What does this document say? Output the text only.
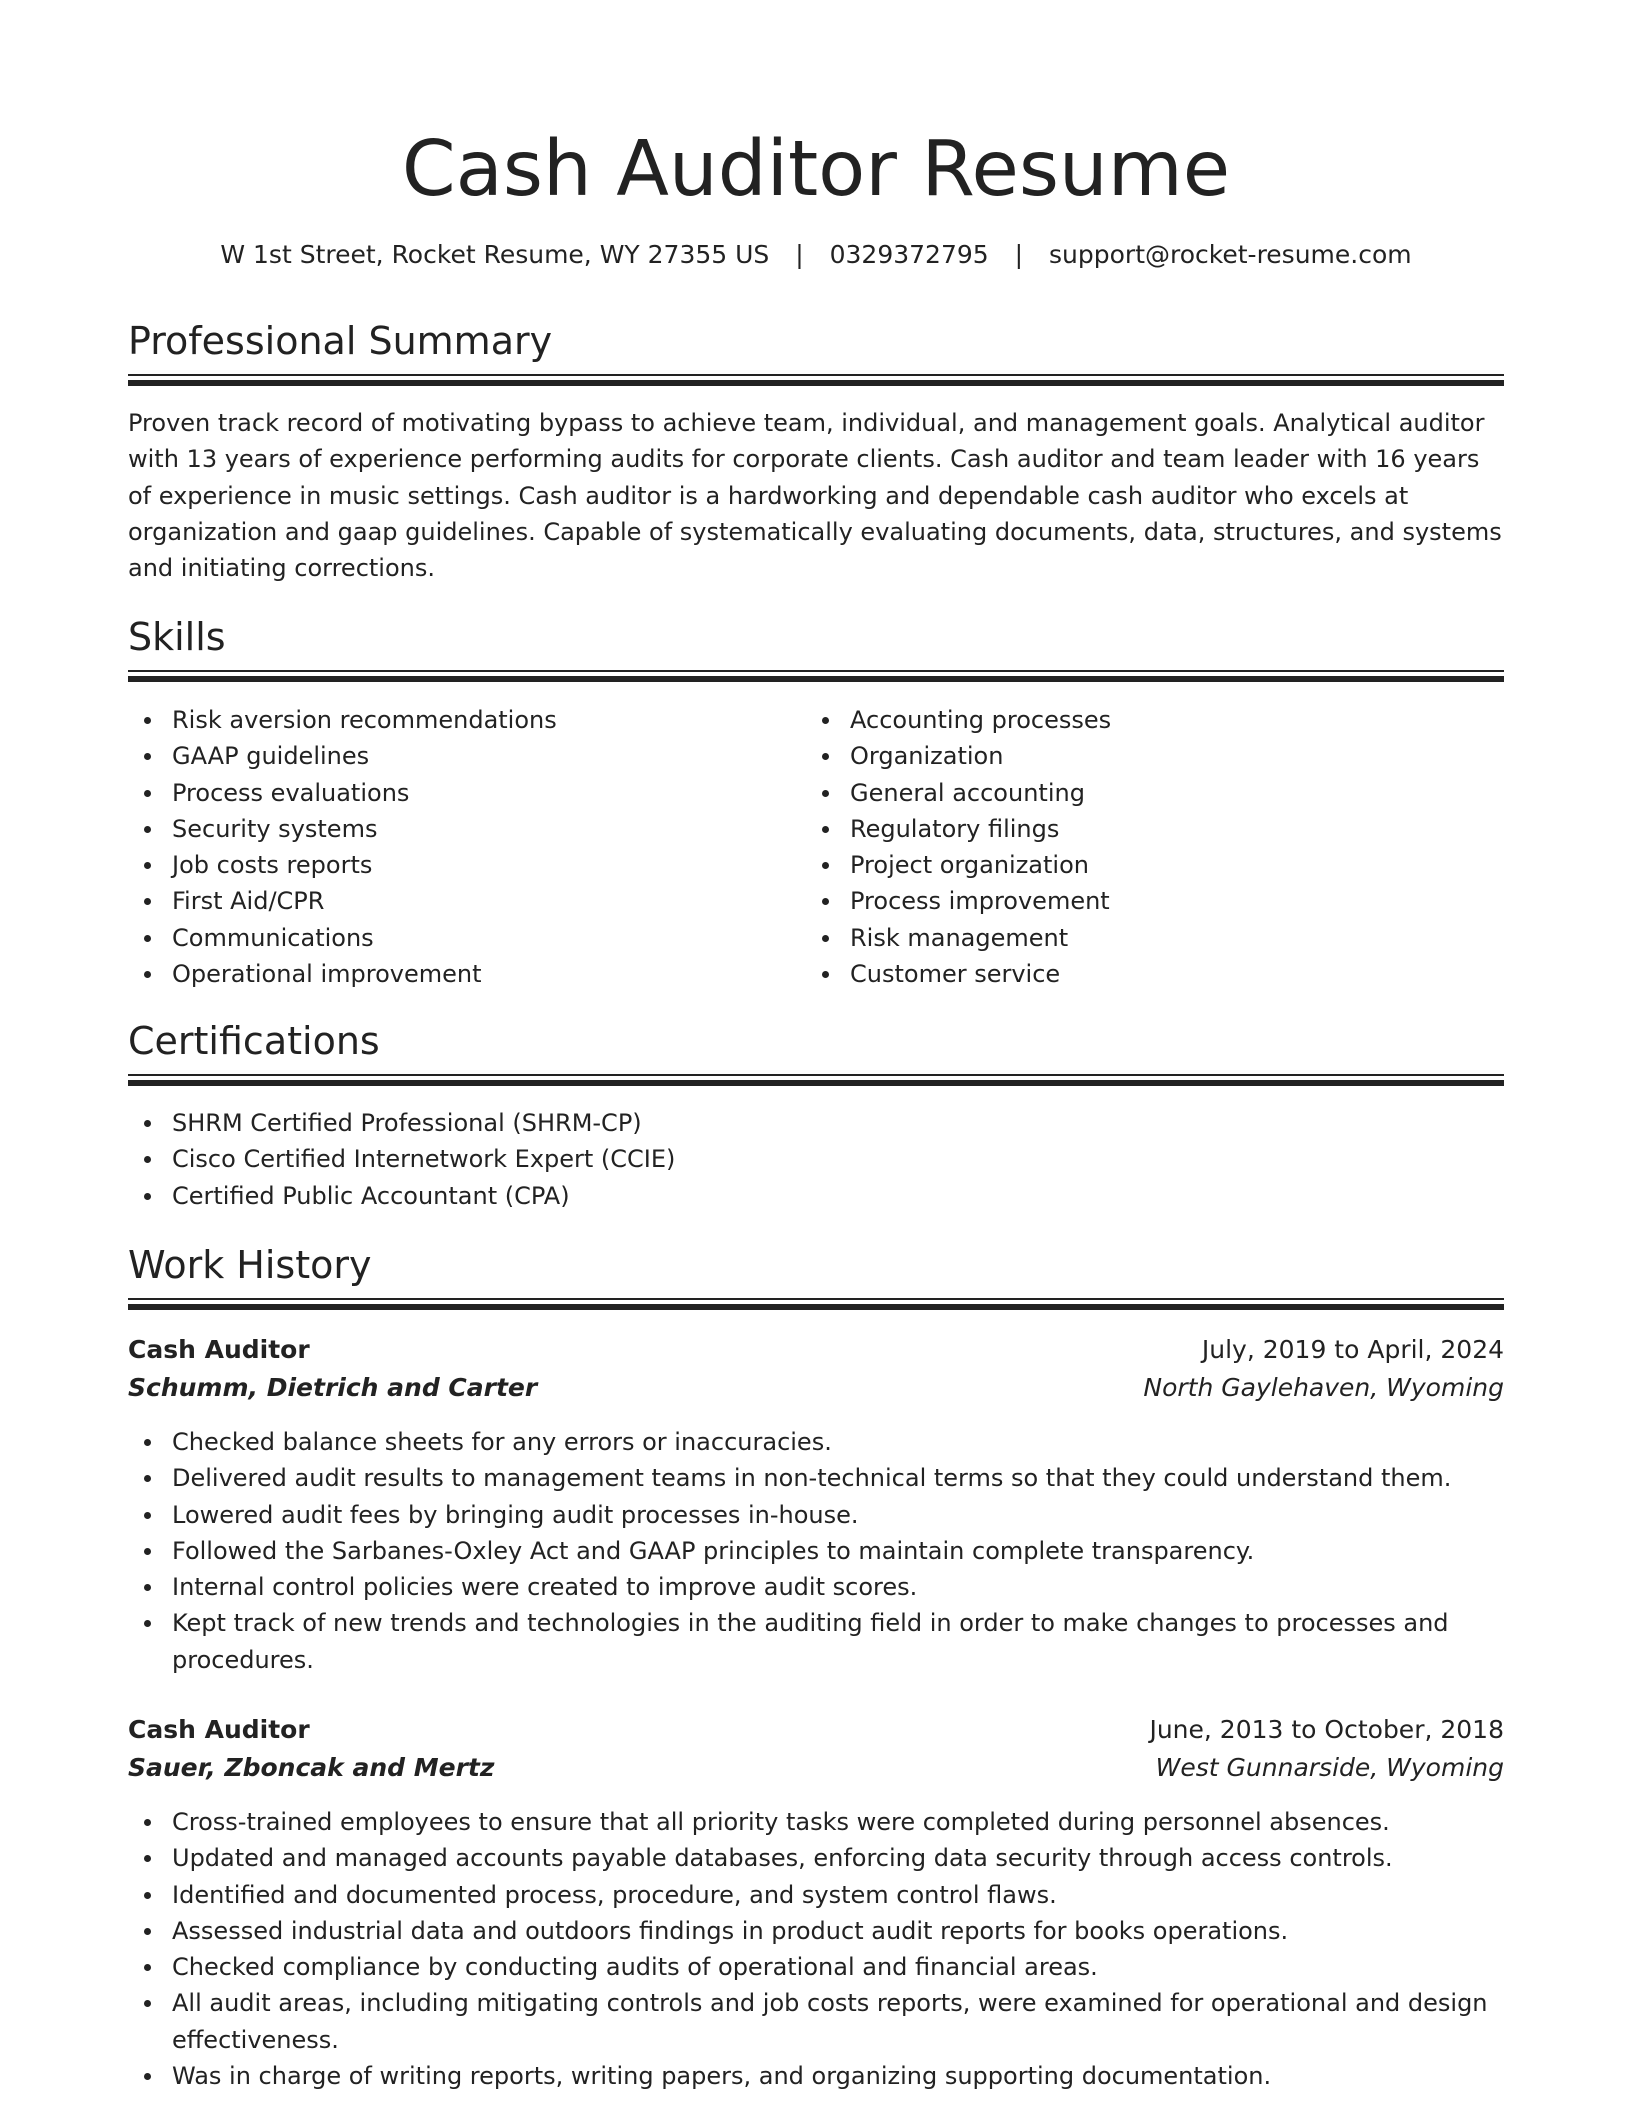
Cash Auditor Resume
W 1st Street, Rocket Resume, WY 27355 US | 0329372795 | support@rocket-resume.com
Professional Summary

Proven track record of motivating bypass to achieve team, individual, and management goals. Analytical auditor with 13 years of experience performing audits for corporate clients. Cash auditor and team leader with 16 years of experience in music settings. Cash auditor is a hardworking and dependable cash auditor who excels at organization and gaap guidelines. Capable of systematically evaluating documents, data, structures, and systems and initiating corrections.

Skills
Risk aversion recommendations
GAAP guidelines
Process evaluations
Security systems
Job costs reports
First Aid/CPR
Communications
Operational improvement
Accounting processes
Organization
General accounting
Regulatory filings
Project organization
Process improvement
Risk management
Customer service
Certifications
SHRM Certified Professional (SHRM-CP)
Cisco Certified Internetwork Expert (CCIE)
Certified Public Accountant (CPA)
Work History
Cash Auditor	July, 2019 to April, 2024
Schumm, Dietrich and Carter	North Gaylehaven, Wyoming
Checked balance sheets for any errors or inaccuracies.
Delivered audit results to management teams in non-technical terms so that they could understand them.
Lowered audit fees by bringing audit processes in-house.
Followed the Sarbanes-Oxley Act and GAAP principles to maintain complete transparency.
Internal control policies were created to improve audit scores.
Kept track of new trends and technologies in the auditing field in order to make changes to processes and procedures.
Cash Auditor	June, 2013 to October, 2018
Sauer, Zboncak and Mertz	West Gunnarside, Wyoming
Cross-trained employees to ensure that all priority tasks were completed during personnel absences.
Updated and managed accounts payable databases, enforcing data security through access controls.
Identified and documented process, procedure, and system control flaws.
Assessed industrial data and outdoors findings in product audit reports for books operations.
Checked compliance by conducting audits of operational and financial areas.
All audit areas, including mitigating controls and job costs reports, were examined for operational and design effectiveness.
Was in charge of writing reports, writing papers, and organizing supporting documentation.
